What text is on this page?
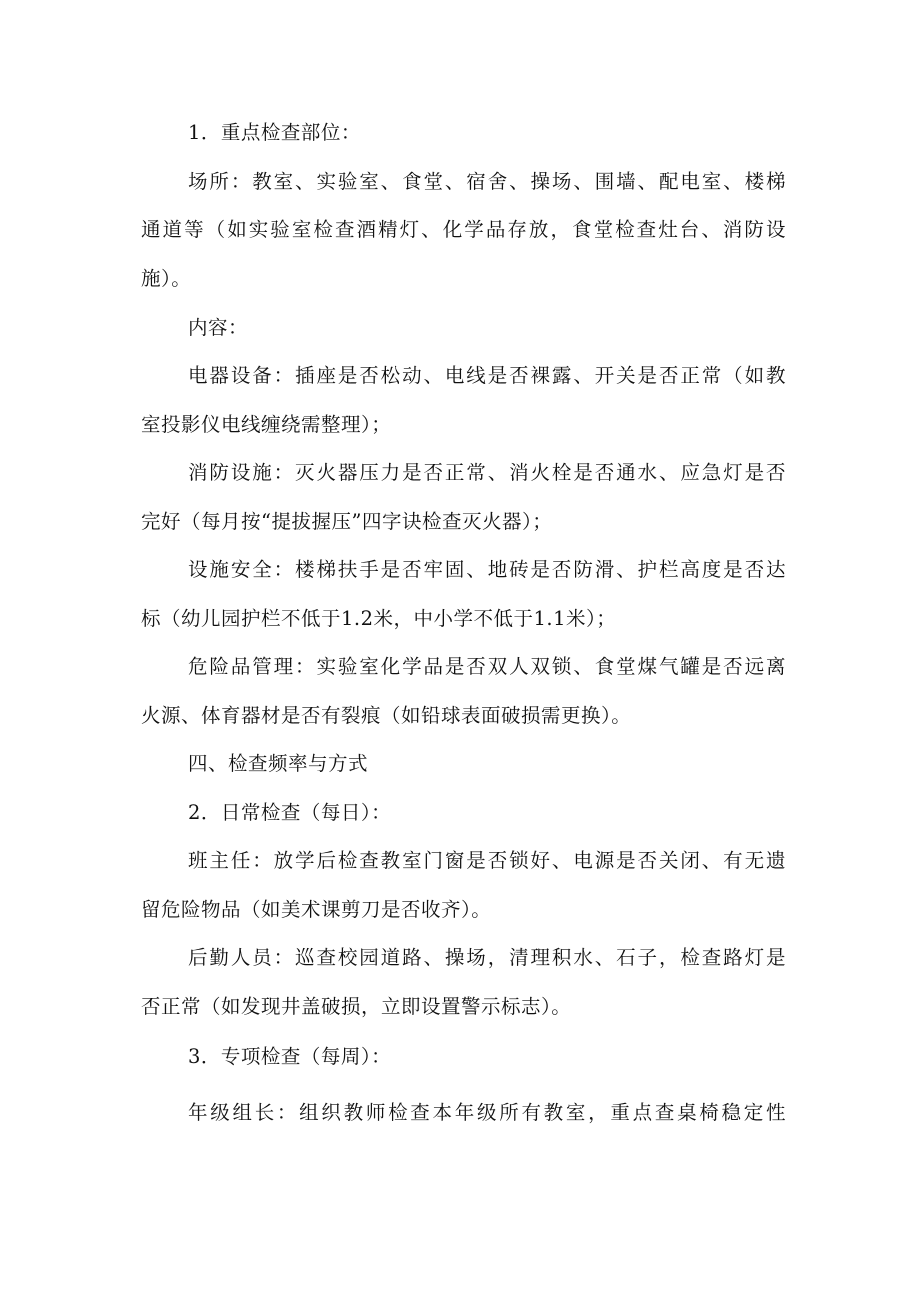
1．重点检查部位：
场所：教室、实验室、食堂、宿舍、操场、围墙、配电室、楼梯
通道等（如实验室检查酒精灯、化学品存放，食堂检查灶台、消防设
施）。
内容：
电器设备：插座是否松动、电线是否裸露、开关是否正常（如教
室投影仪电线缠绕需整理）；
消防设施：灭火器压力是否正常、消火栓是否通水、应急灯是否
完好（每月按“提拔握压”四字诀检查灭火器）；
设施安全：楼梯扶手是否牢固、地砖是否防滑、护栏高度是否达
标（幼儿园护栏不低于1.2米，中小学不低于1.1米）；
危险品管理：实验室化学品是否双人双锁、食堂煤气罐是否远离
火源、体育器材是否有裂痕（如铅球表面破损需更换）。
四、检查频率与方式
2．日常检查（每日）：
班主任：放学后检查教室门窗是否锁好、电源是否关闭、有无遗
留危险物品（如美术课剪刀是否收齐）。
后勤人员：巡查校园道路、操场，清理积水、石子，检查路灯是
否正常（如发现井盖破损，立即设置警示标志）。
3．专项检查（每周）：
年级组长：组织教师检查本年级所有教室，重点查桌椅稳定性
